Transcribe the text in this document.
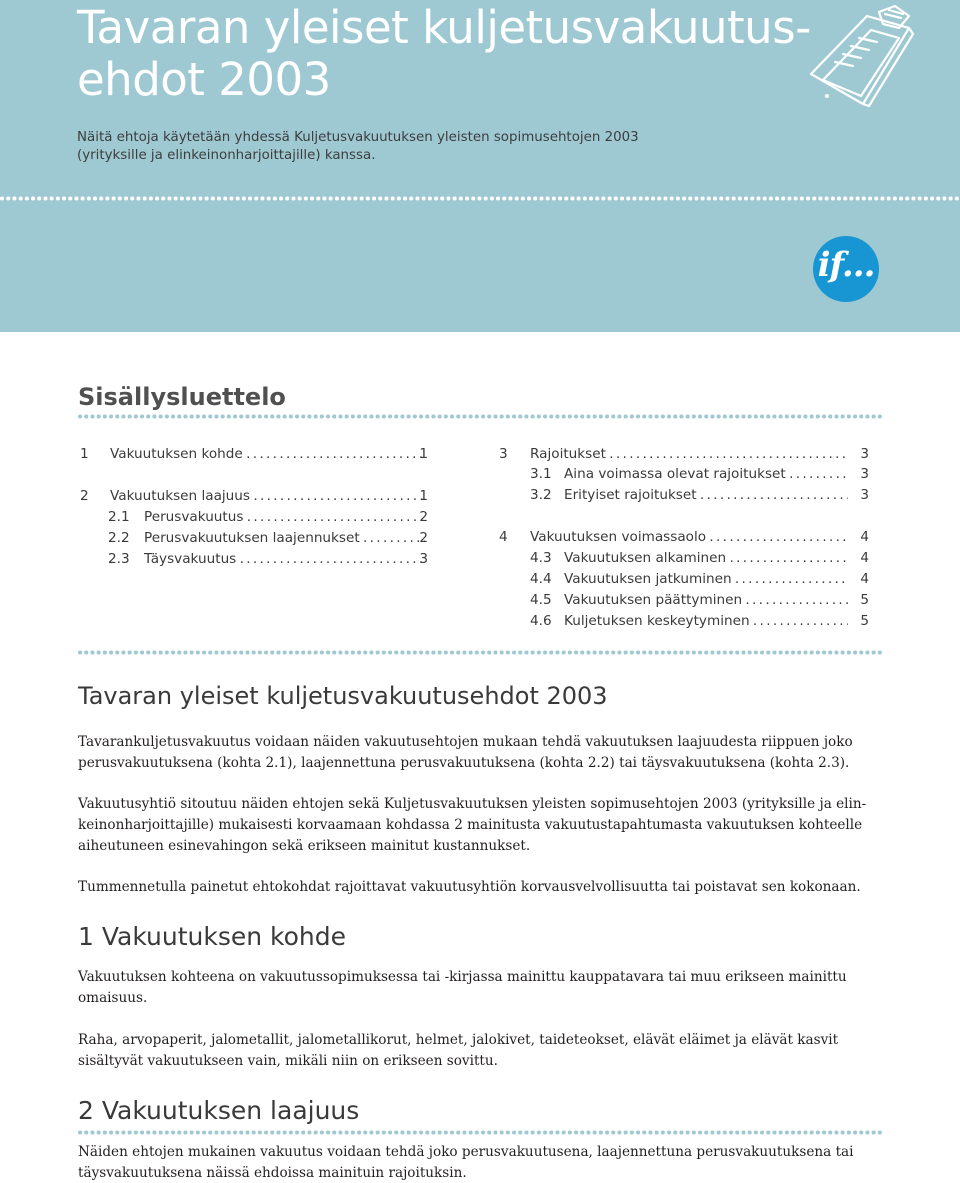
Tavaran yleiset kuljetusvakuutus-
ehdot 2003
Näitä ehtoja käytetään yhdessä Kuljetusvakuutuksen yleisten sopimusehtojen 2003
(yrityksille ja elinkeinonharjoittajille) kanssa.
if...
Sisällysluettelo
1 Vakuutuksen kohde . . .	1
2 Vakuutuksen laajuus . . .	1
2.1 Perusvakuutus . . .	2
2.2 Perusvakuutuksen laajennukset . . .	2
2.3 Täysvakuutus . . .	3
3 Rajoitukset . . .	3
3.1 Aina voimassa olevat rajoitukset . . .	3
3.2 Erityiset rajoitukset . . .	3
4 Vakuutuksen voimassaolo . . .	4
4.3 Vakuutuksen alkaminen . . .	4
4.4 Vakuutuksen jatkuminen . . .	4
4.5 Vakuutuksen päättyminen . . .	5
4.6 Kuljetuksen keskeytyminen . . .	5
Tavaran yleiset kuljetusvakuutusehdot 2003
Tavarankuljetusvakuutus voidaan näiden vakuutusehtojen mukaan tehdä vakuutuksen laajuudesta riippuen joko
perusvakuutuksena (kohta 2.1), laajennettuna perusvakuutuksena (kohta 2.2) tai täysvakuutuksena (kohta 2.3).
Vakuutusyhtiö sitoutuu näiden ehtojen sekä Kuljetusvakuutuksen yleisten sopimusehtojen 2003 (yrityksille ja elin-
keinonharjoittajille) mukaisesti korvaamaan kohdassa 2 mainitusta vakuutustapahtumasta vakuutuksen kohteelle
aiheutuneen esinevahingon sekä erikseen mainitut kustannukset.
Tummennetulla painetut ehtokohdat rajoittavat vakuutusyhtiön korvausvelvollisuutta tai poistavat sen kokonaan.
1 Vakuutuksen kohde
Vakuutuksen kohteena on vakuutussopimuksessa tai -kirjassa mainittu kauppatavara tai muu erikseen mainittu
omaisuus.
Raha, arvopaperit, jalometallit, jalometallikorut, helmet, jalokivet, taideteokset, elävät eläimet ja elävät kasvit
sisältyvät vakuutukseen vain, mikäli niin on erikseen sovittu.
2 Vakuutuksen laajuus
Näiden ehtojen mukainen vakuutus voidaan tehdä joko perusvakuutusena, laajennettuna perusvakuutuksena tai
täysvakuutuksena näissä ehdoissa mainituin rajoituksin.
